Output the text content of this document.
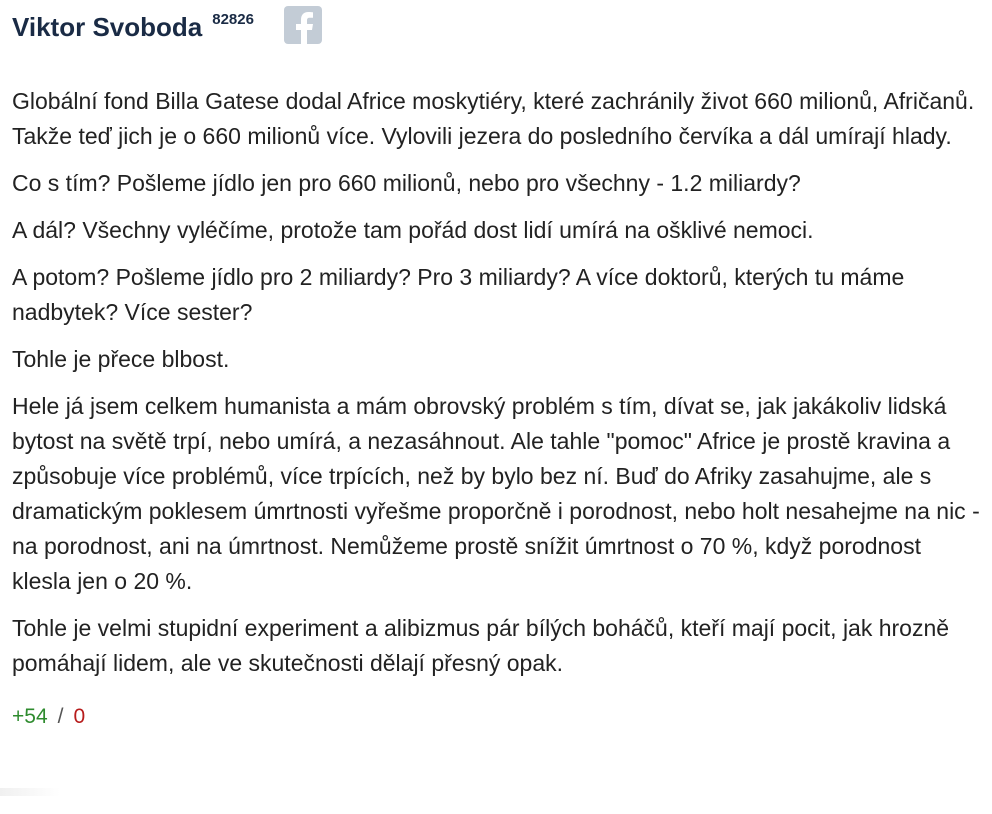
Viktor Svoboda 82826

Globální fond Billa Gatese dodal Africe moskytiéry, které zachránily život 660 milionů, Afričanů. Takže teď jich je o 660 milionů více. Vylovili jezera do posledního červíka a dál umírají hlady.

Co s tím? Pošleme jídlo jen pro 660 milionů, nebo pro všechny - 1.2 miliardy?

A dál? Všechny vyléčíme, protože tam pořád dost lidí umírá na ošklivé nemoci.

A potom? Pošleme jídlo pro 2 miliardy? Pro 3 miliardy? A více doktorů, kterých tu máme nadbytek? Více sester?

Tohle je přece blbost.

Hele já jsem celkem humanista a mám obrovský problém s tím, dívat se, jak jakákoliv lidská bytost na světě trpí, nebo umírá, a nezasáhnout. Ale tahle "pomoc" Africe je prostě kravina a způsobuje více problémů, více trpících, než by bylo bez ní. Buď do Afriky zasahujme, ale s dramatickým poklesem úmrtnosti vyřešme proporčně i porodnost, nebo holt nesahejme na nic - na porodnost, ani na úmrtnost. Nemůžeme prostě snížit úmrtnost o 70 %, když porodnost klesla jen o 20 %.

Tohle je velmi stupidní experiment a alibizmus pár bílých boháčů, kteří mají pocit, jak hrozně pomáhají lidem, ale ve skutečnosti dělají přesný opak.

+54 / 0
